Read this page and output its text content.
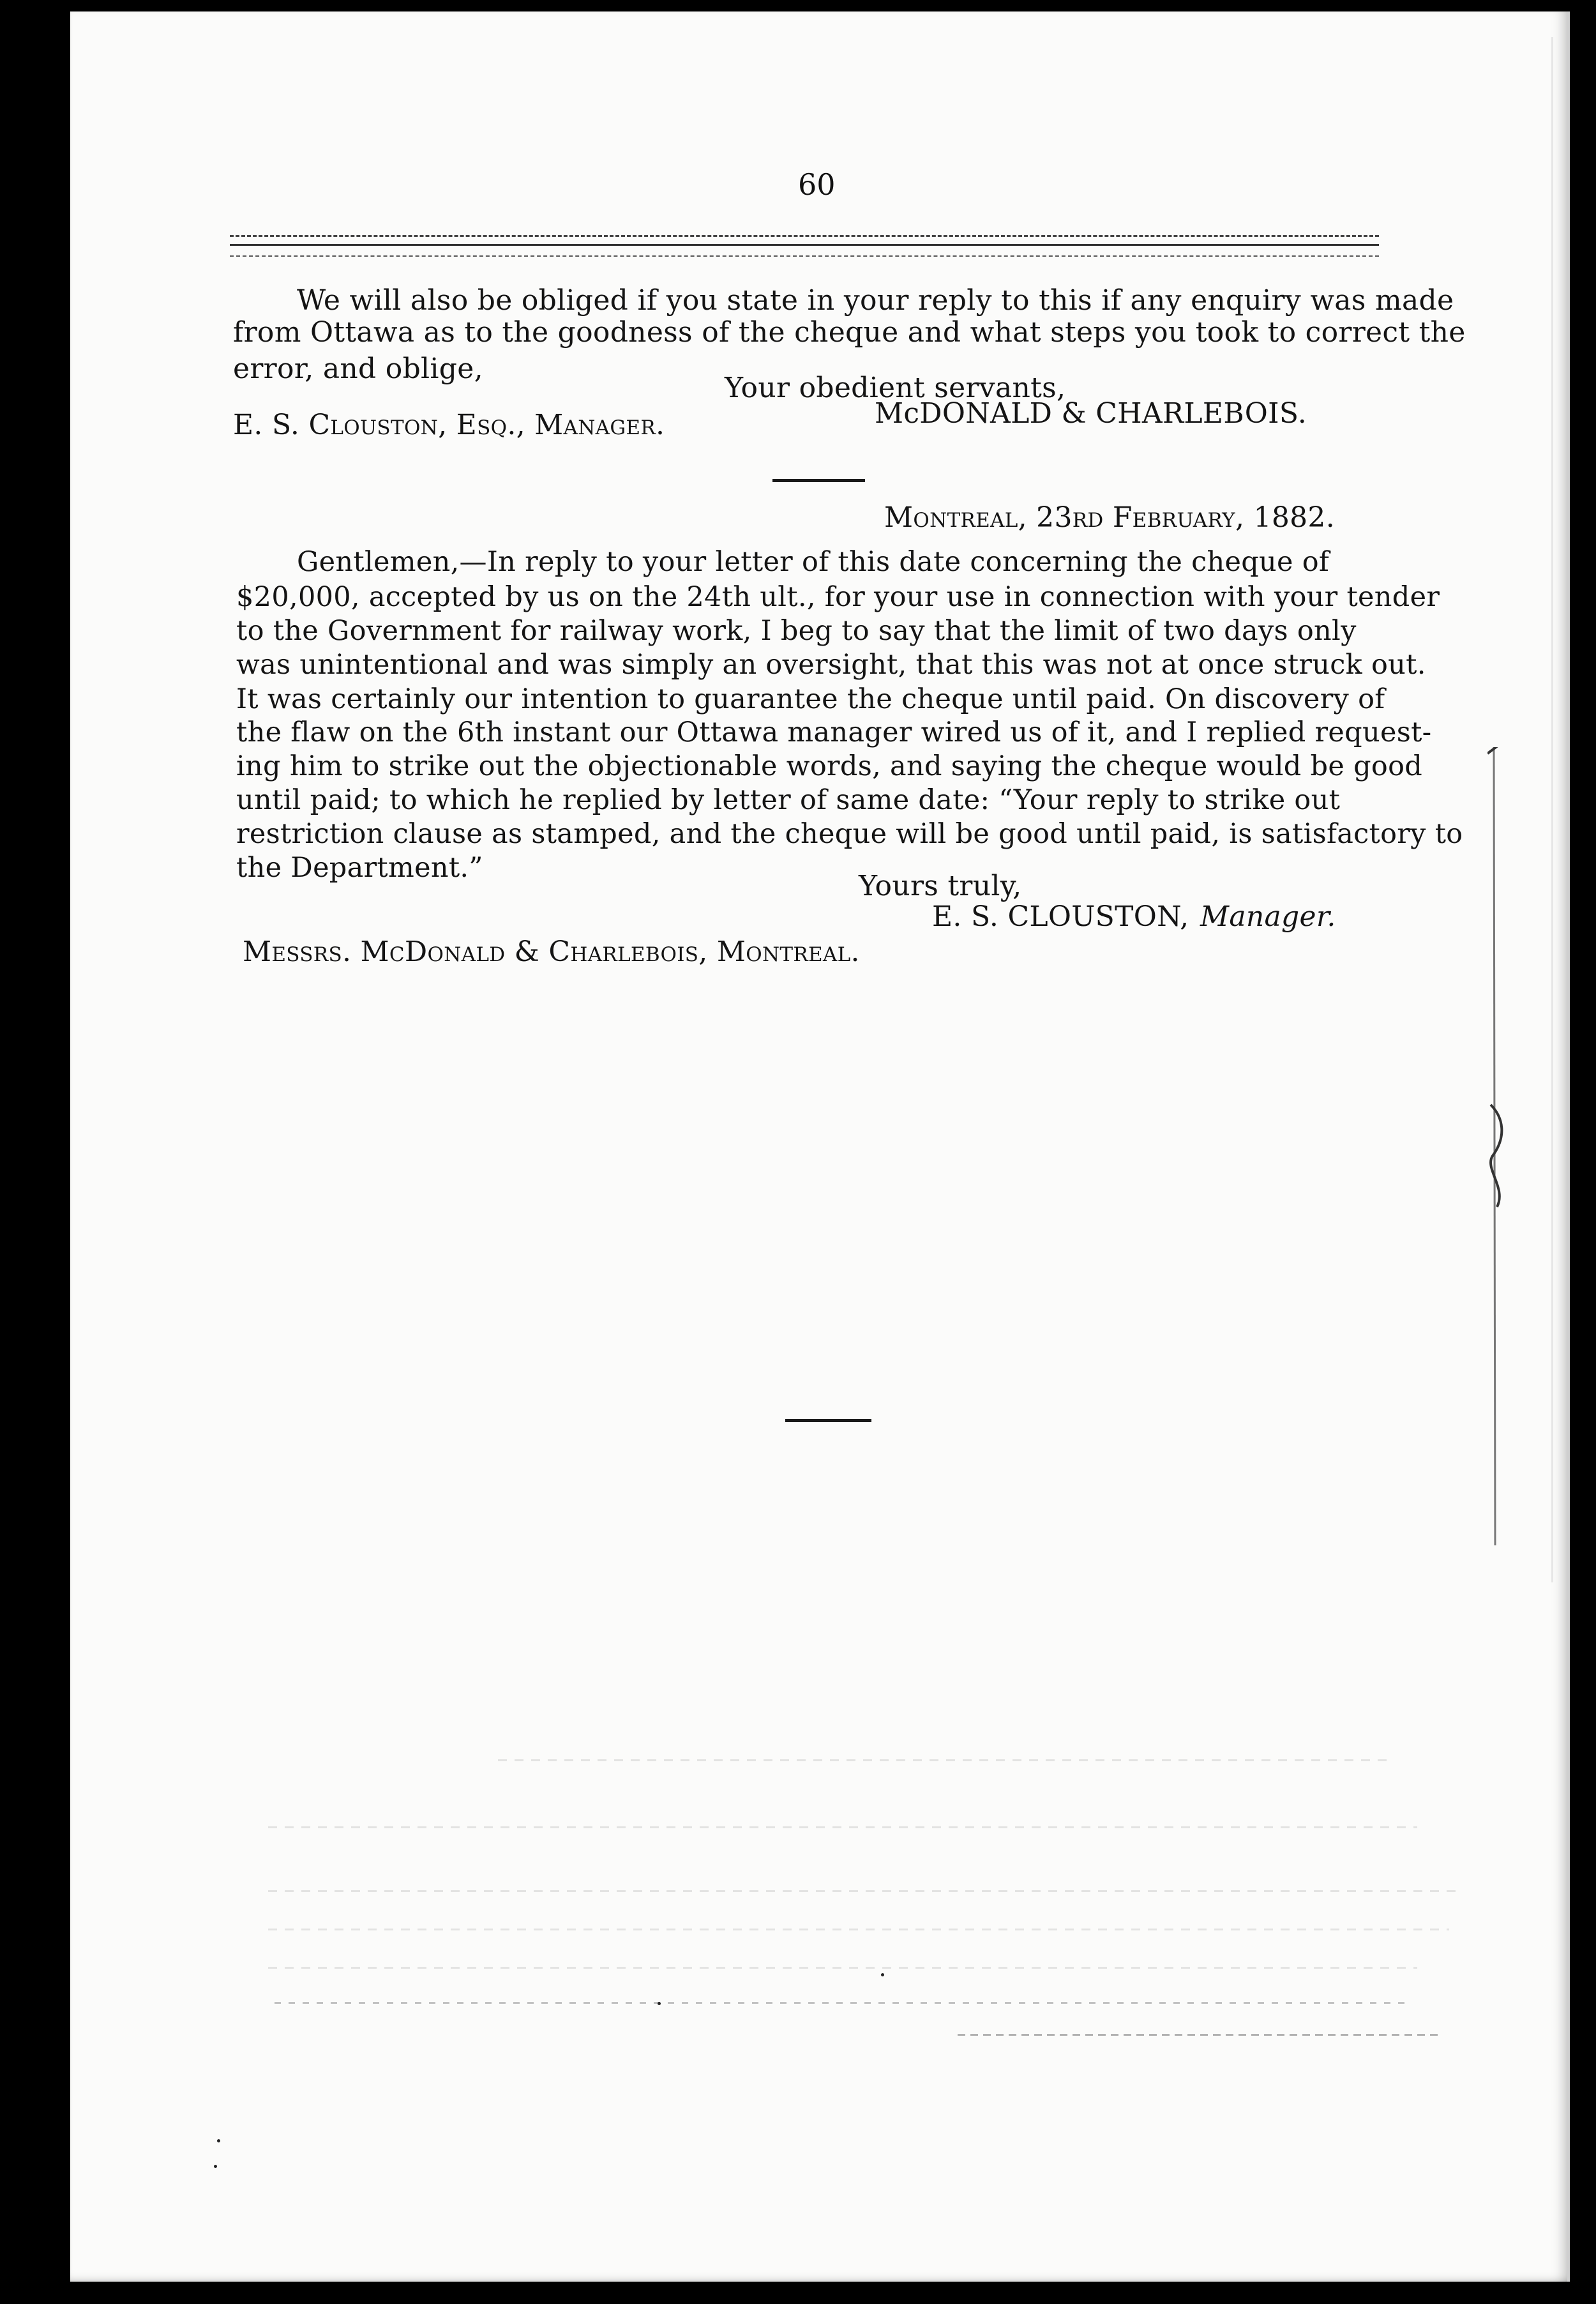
60
We will also be obliged if you state in your reply to this if any enquiry was made
from Ottawa as to the goodness of the cheque and what steps you took to correct the
error, and oblige,
Your obedient servants,
E. S. Clouston, Esq., Manager.	McDONALD & CHARLEBOIS.
Montreal, 23rd February, 1882.
Gentlemen,—In reply to your letter of this date concerning the cheque of
$20,000, accepted by us on the 24th ult., for your use in connection with your tender
to the Government for railway work, I beg to say that the limit of two days only
was unintentional and was simply an oversight, that this was not at once struck out.
It was certainly our intention to guarantee the cheque until paid. On discovery of
the flaw on the 6th instant our Ottawa manager wired us of it, and I replied request-
ing him to strike out the objectionable words, and saying the cheque would be good
until paid; to which he replied by letter of same date: “Your reply to strike out
restriction clause as stamped, and the cheque will be good until paid, is satisfactory to
the Department.”
Yours truly,
E. S. CLOUSTON, Manager.
Messrs. McDonald & Charlebois, Montreal.
